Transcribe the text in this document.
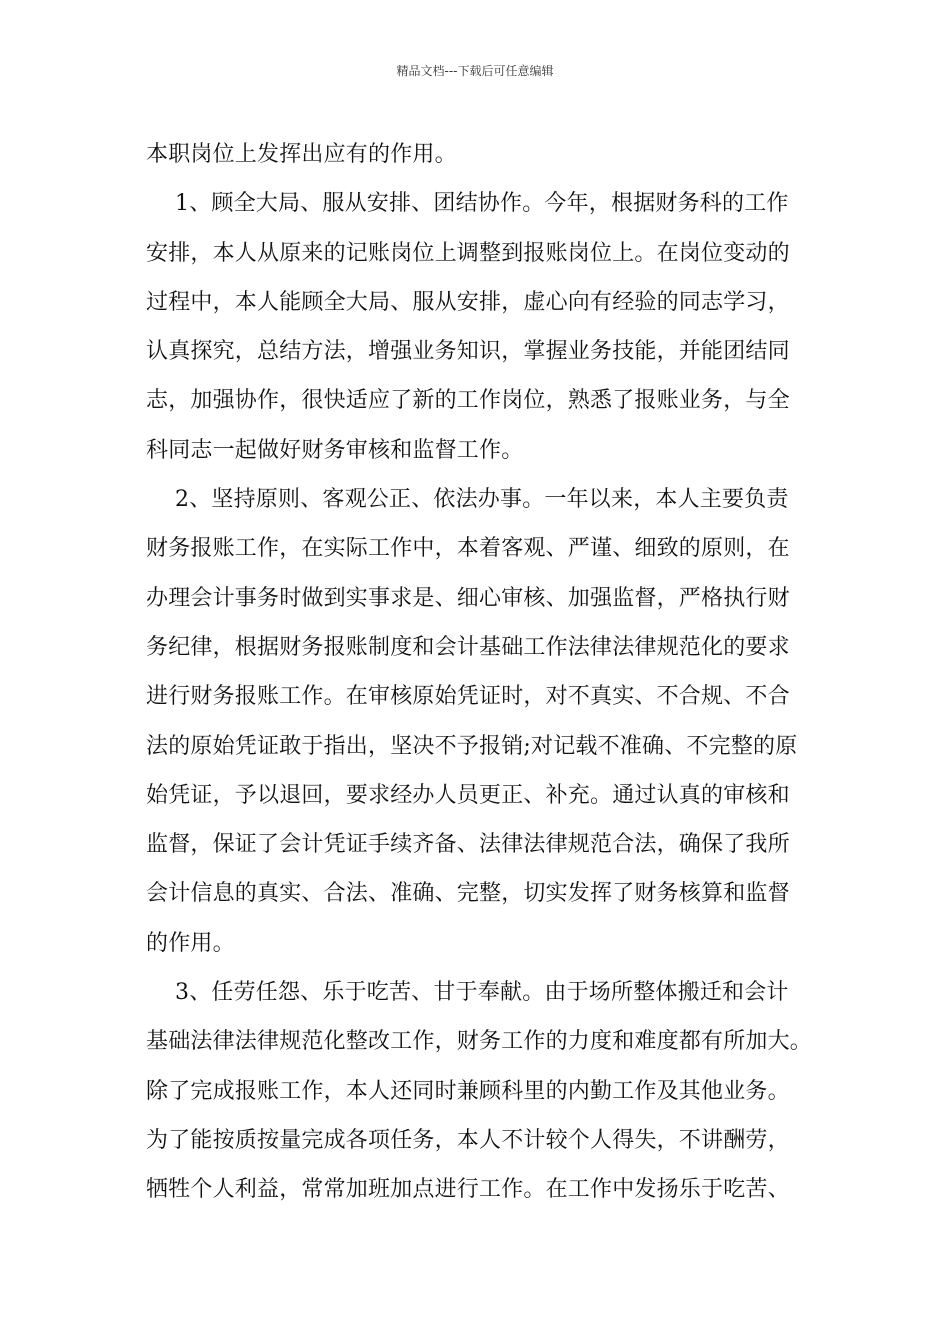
精品文档---下载后可任意编辑
本职岗位上发挥出应有的作用。
1、顾全大局、服从安排、团结协作。今年，根据财务科的工作
安排，本人从原来的记账岗位上调整到报账岗位上。在岗位变动的
过程中，本人能顾全大局、服从安排，虚心向有经验的同志学习，
认真探究，总结方法，增强业务知识，掌握业务技能，并能团结同
志，加强协作，很快适应了新的工作岗位，熟悉了报账业务，与全
科同志一起做好财务审核和监督工作。
2、坚持原则、客观公正、依法办事。一年以来，本人主要负责
财务报账工作，在实际工作中，本着客观、严谨、细致的原则，在
办理会计事务时做到实事求是、细心审核、加强监督，严格执行财
务纪律，根据财务报账制度和会计基础工作法律法律规范化的要求
进行财务报账工作。在审核原始凭证时，对不真实、不合规、不合
法的原始凭证敢于指出，坚决不予报销;对记载不准确、不完整的原
始凭证，予以退回，要求经办人员更正、补充。通过认真的审核和
监督，保证了会计凭证手续齐备、法律法律规范合法，确保了我所
会计信息的真实、合法、准确、完整，切实发挥了财务核算和监督
的作用。
3、任劳任怨、乐于吃苦、甘于奉献。由于场所整体搬迁和会计
基础法律法律规范化整改工作，财务工作的力度和难度都有所加大。
除了完成报账工作，本人还同时兼顾科里的内勤工作及其他业务。
为了能按质按量完成各项任务，本人不计较个人得失，不讲酬劳，
牺牲个人利益，常常加班加点进行工作。在工作中发扬乐于吃苦、
